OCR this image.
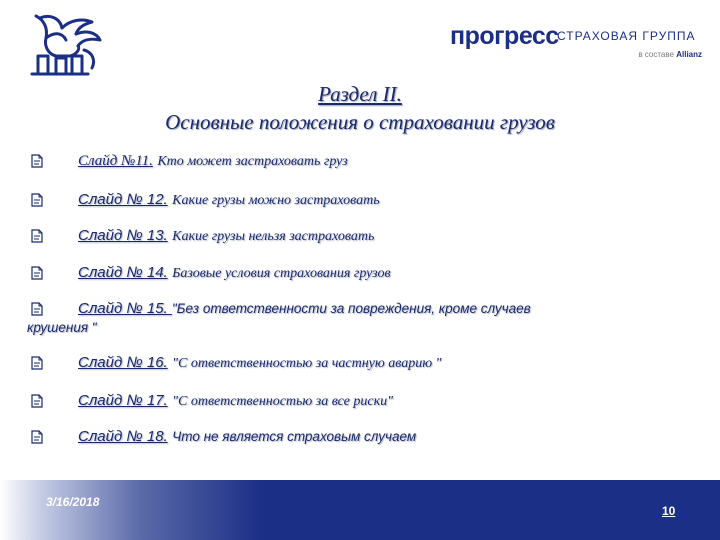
прогресс
СТРАХОВАЯ ГРУППА
в составе Allianz
Раздел II.
Основные положения о страховании грузов
Слайд №11. Кто может застраховать груз
Слайд № 12. Какие грузы можно застраховать
Слайд № 13. Какие грузы нельзя застраховать
Слайд № 14. Базовые условия страхования грузов
Слайд № 15. "Без ответственности за повреждения, кроме случаев
крушения "
Слайд № 16. "С ответственностью за частную аварию "
Слайд № 17. "С ответственностью за все риски"
Слайд № 18. Что не является страховым случаем
3/16/2018
10
